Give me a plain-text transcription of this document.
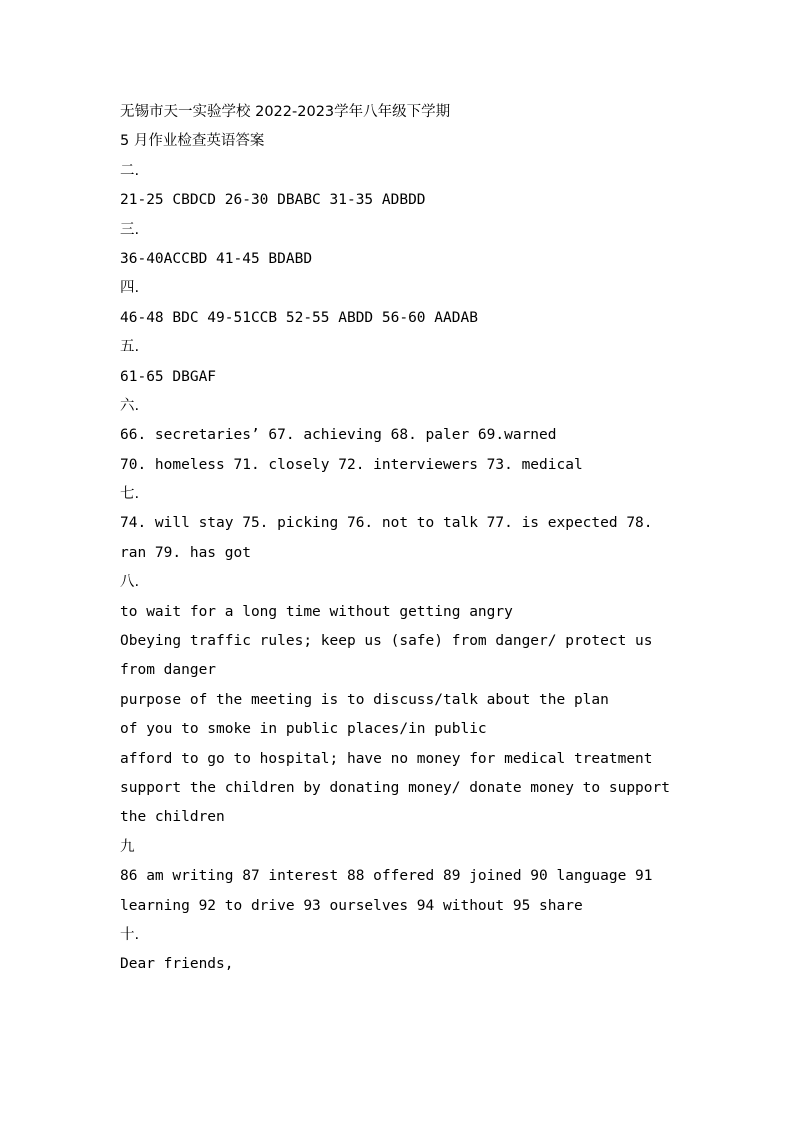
无锡市天一实验学校 2022-2023学年八年级下学期
5 月作业检查英语答案
二.
21-25 CBDCD 26-30 DBABC 31-35 ADBDD
三.
36-40ACCBD 41-45 BDABD
四.
46-48 BDC 49-51CCB 52-55 ABDD 56-60 AADAB
五.
61-65 DBGAF
六.
66. secretaries’ 67. achieving 68. paler 69.warned
70. homeless 71. closely 72. interviewers 73. medical
七.
74. will stay 75. picking 76. not to talk 77. is expected 78.
ran 79. has got
八.
to wait for a long time without getting angry
Obeying traffic rules; keep us (safe) from danger/ protect us
from danger
purpose of the meeting is to discuss/talk about the plan
of you to smoke in public places/in public
afford to go to hospital; have no money for medical treatment
support the children by donating money/ donate money to support
the children
九
86 am writing 87 interest 88 offered 89 joined 90 language 91
learning 92 to drive 93 ourselves 94 without 95 share
十.
Dear friends,
